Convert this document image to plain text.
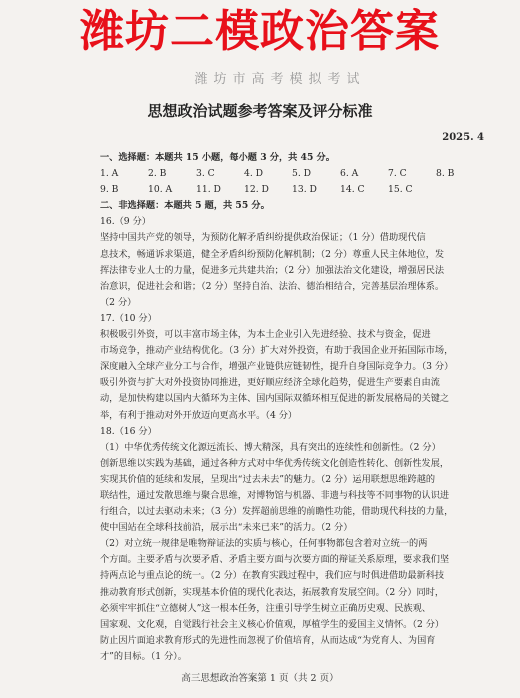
潍坊二模政治答案
潍坊市高考模拟考试
思想政治试题参考答案及评分标准
2025. 4
一、选择题：本题共 15 小题，每小题 3 分，共 45 分。
1. A	2. B	3. C	4. D	5. D	6. A	7. C	8. B
9. B	10. A	11. D	12. D	13. D	14. C	15. C
二、非选择题：本题共 5 题，共 55 分。
16.（9 分）
坚持中国共产党的领导，为预防化解矛盾纠纷提供政治保证；（1 分）借助现代信
息技术，畅通诉求渠道，健全矛盾纠纷预防化解机制；（2 分）尊重人民主体地位，发
挥法律专业人士的力量，促进多元共建共治；（2 分）加强法治文化建设，增强居民法
治意识，促进社会和谐；（2 分）坚持自治、法治、德治相结合，完善基层治理体系。
（2 分）
17.（10 分）
积极吸引外资，可以丰富市场主体，为本土企业引入先进经验、技术与资金，促进
市场竞争，推动产业结构优化。（3 分）扩大对外投资，有助于我国企业开拓国际市场，
深度融入全球产业分工与合作，增强产业链供应链韧性，提升自身国际竞争力。（3 分）
吸引外资与扩大对外投资协同推进，更好顺应经济全球化趋势，促进生产要素自由流
动，是加快构建以国内大循环为主体、国内国际双循环相互促进的新发展格局的关键之
举，有利于推动对外开放迈向更高水平。（4 分）
18.（16 分）
（1）中华优秀传统文化源远流长、博大精深，具有突出的连续性和创新性。（2 分）
创新思维以实践为基础，通过各种方式对中华优秀传统文化创造性转化、创新性发展，
实现其价值的延续和发展，呈现出“过去未去”的魅力。（2 分）运用联想思维跨越的
联结性，通过发散思维与聚合思维，对博物馆与机器、非遗与科技等不同事物的认识进
行组合，以过去驱动未来；（3 分）发挥超前思维的前瞻性功能，借助现代科技的力量，
使中国站在全球科技前沿，展示出“未来已来”的活力。（2 分）
（2）对立统一规律是唯物辩证法的实质与核心，任何事物都包含着对立统一的两
个方面。主要矛盾与次要矛盾、矛盾主要方面与次要方面的辩证关系原理，要求我们坚
持两点论与重点论的统一。（2 分）在教育实践过程中，我们应与时俱进借助最新科技
推动教育形式创新，实现基本价值的现代化表达，拓展教育发展空间。（2 分）同时，
必须牢牢抓住“立德树人”这一根本任务，注重引导学生树立正确历史观、民族观、
国家观、文化观，自觉践行社会主义核心价值观，厚植学生的爱国主义情怀。（2 分）
防止因片面追求教育形式的先进性而忽视了价值培育，从而达成“为党育人、为国育
才”的目标。（1 分）。
高三思想政治答案第 1 页（共 2 页）
